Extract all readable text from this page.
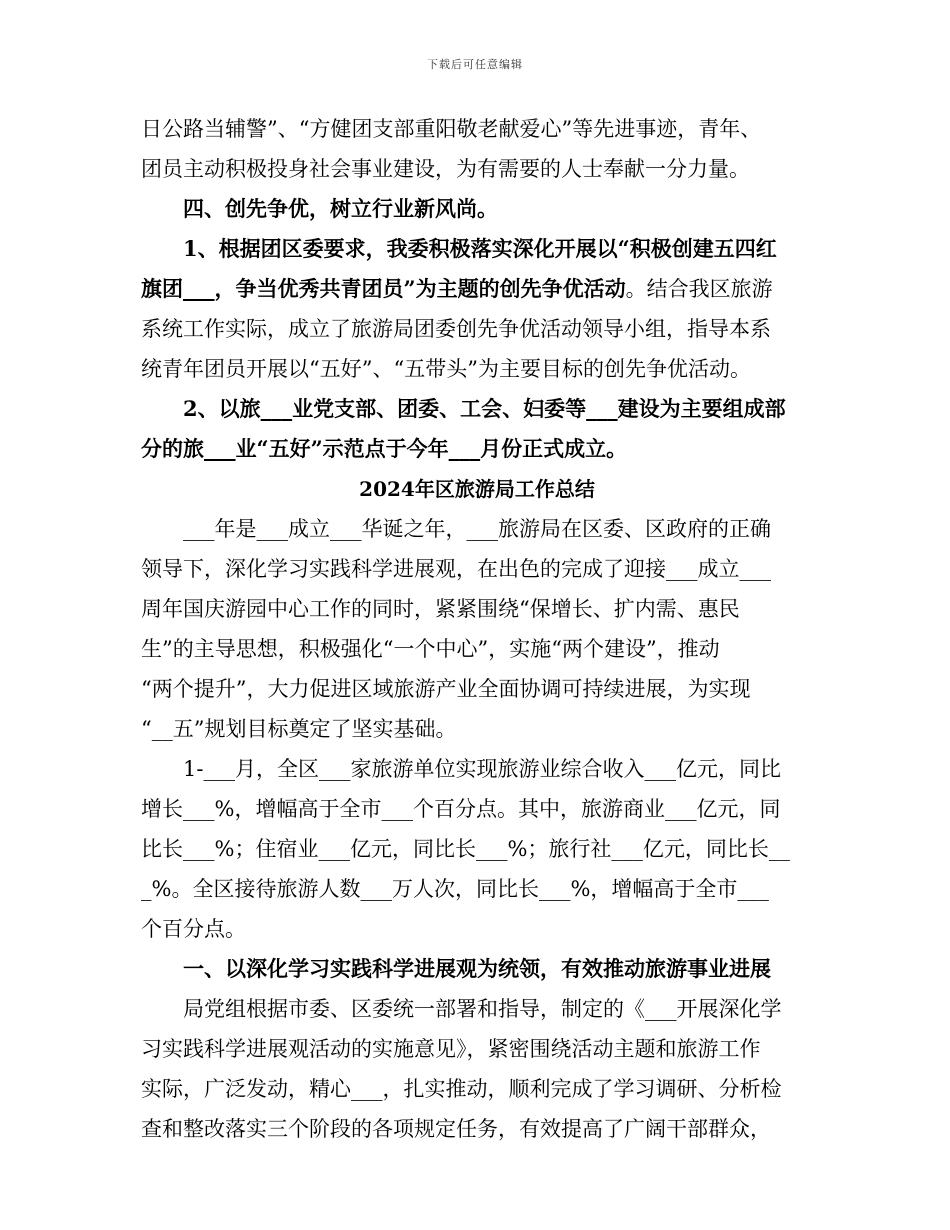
下载后可任意编辑
日公路当辅警”、“方健团支部重阳敬老献爱心”等先进事迹，青年、
团员主动积极投身社会事业建设，为有需要的人士奉献一分力量。
　　四、创先争优，树立行业新风尚。
　　1、根据团区委要求，我委积极落实深化开展以“积极创建五四红
旗团___，争当优秀共青团员”为主题的创先争优活动。结合我区旅游
系统工作实际，成立了旅游局团委创先争优活动领导小组，指导本系
统青年团员开展以“五好”、“五带头”为主要目标的创先争优活动。
　　2、以旅___业党支部、团委、工会、妇委等___建设为主要组成部
分的旅___业“五好”示范点于今年___月份正式成立。
2024年区旅游局工作总结
　　___年是___成立___华诞之年，___旅游局在区委、区政府的正确
领导下，深化学习实践科学进展观，在出色的完成了迎接___成立___
周年国庆游园中心工作的同时，紧紧围绕“保增长、扩内需、惠民
生”的主导思想，积极强化“一个中心”，实施“两个建设”，推动
“两个提升”，大力促进区域旅游产业全面协调可持续进展，为实现
“__五”规划目标奠定了坚实基础。
　　1-___月，全区___家旅游单位实现旅游业综合收入___亿元，同比
增长___%，增幅高于全市___个百分点。其中，旅游商业___亿元，同
比长___%；住宿业___亿元，同比长___%；旅行社___亿元，同比长__
_%。全区接待旅游人数___万人次，同比长___%，增幅高于全市___
个百分点。
　　一、以深化学习实践科学进展观为统领，有效推动旅游事业进展
　　局党组根据市委、区委统一部署和指导，制定的《___开展深化学
习实践科学进展观活动的实施意见》，紧密围绕活动主题和旅游工作
实际，广泛发动，精心___，扎实推动，顺利完成了学习调研、分析检
查和整改落实三个阶段的各项规定任务，有效提高了广阔干部群众，
